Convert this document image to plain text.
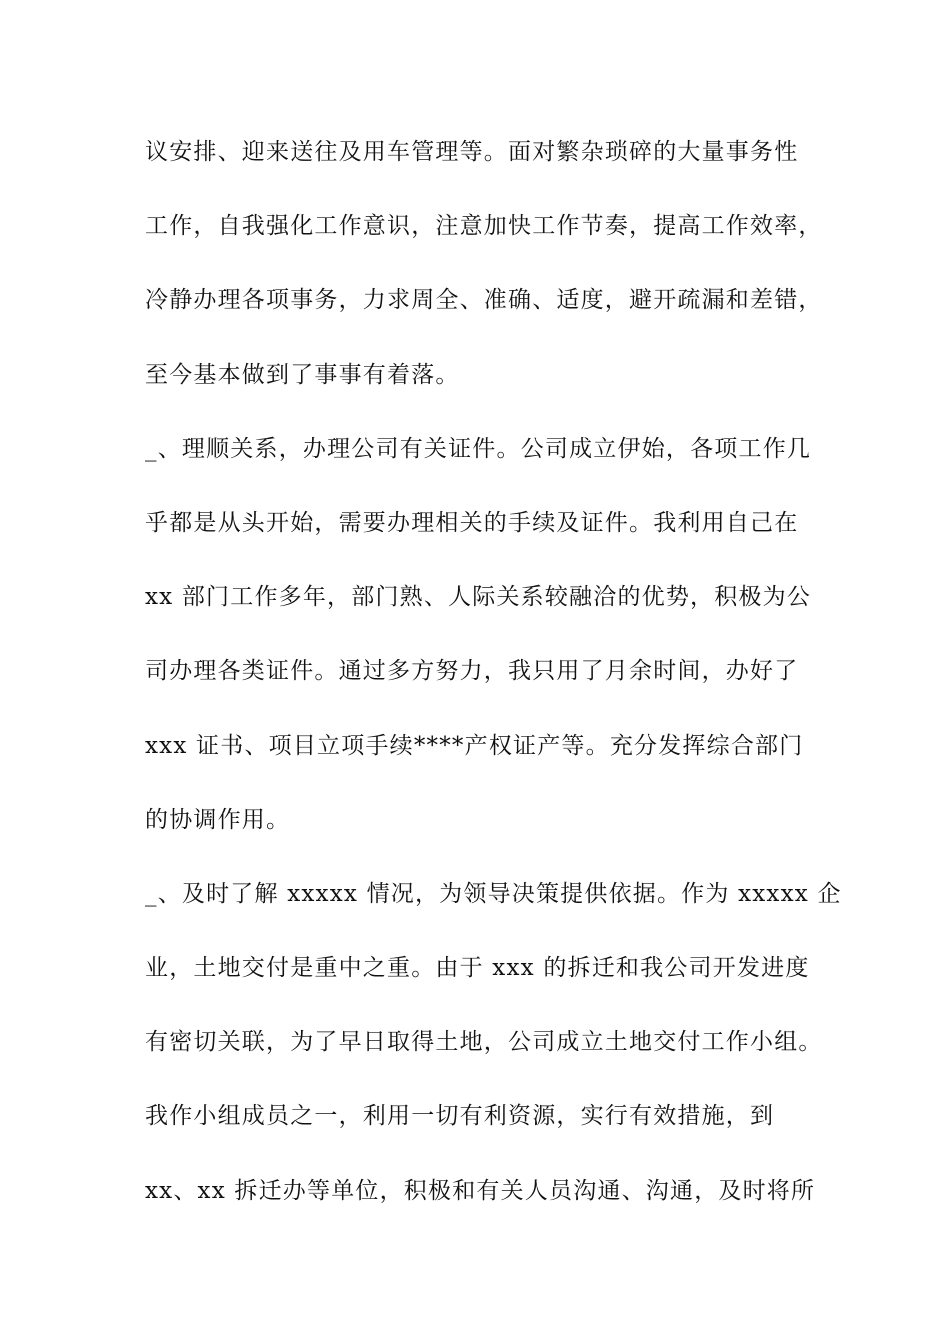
议安排、迎来送往及用车管理等。面对繁杂琐碎的大量事务性
工作，自我强化工作意识，注意加快工作节奏，提高工作效率，
冷静办理各项事务，力求周全、准确、适度，避开疏漏和差错，
至今基本做到了事事有着落。
_、理顺关系，办理公司有关证件。公司成立伊始，各项工作几
乎都是从头开始，需要办理相关的手续及证件。我利用自己在
xx 部门工作多年，部门熟、人际关系较融洽的优势，积极为公
司办理各类证件。通过多方努力，我只用了月余时间，办好了
xxx 证书、项目立项手续****产权证产等。充分发挥综合部门
的协调作用。
_、及时了解 xxxxx 情况，为领导决策提供依据。作为 xxxxx 企
业，土地交付是重中之重。由于 xxx 的拆迁和我公司开发进度
有密切关联，为了早日取得土地，公司成立土地交付工作小组。
我作小组成员之一，利用一切有利资源，实行有效措施，到
xx、xx 拆迁办等单位，积极和有关人员沟通、沟通，及时将所
